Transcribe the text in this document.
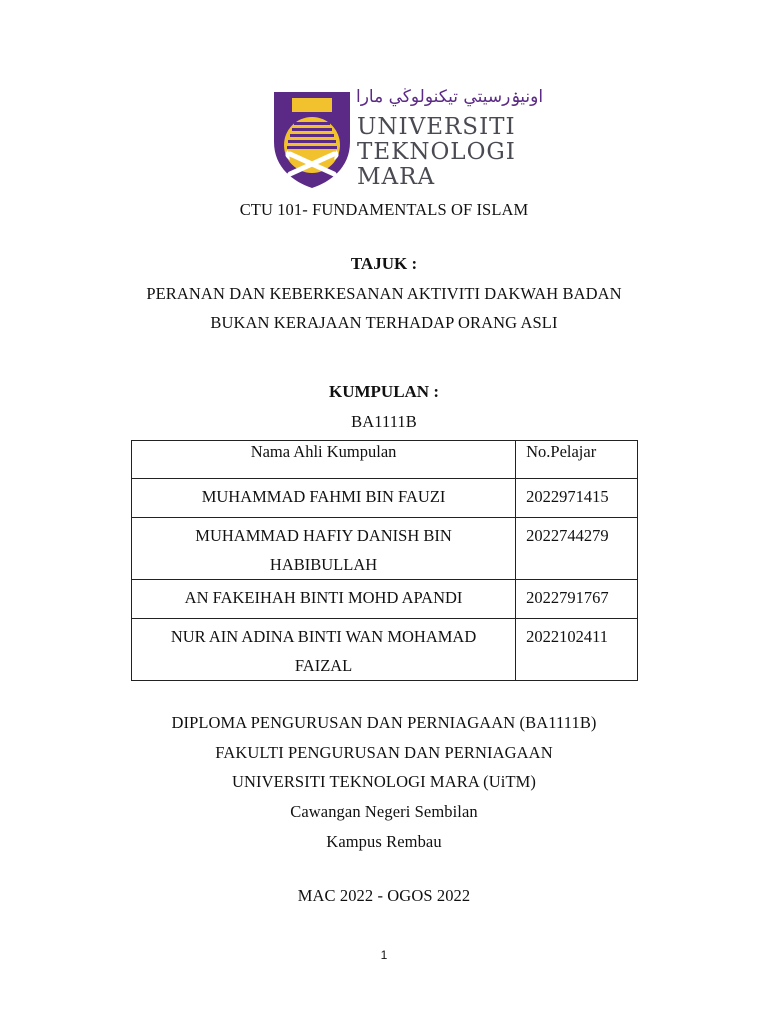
اونيۏرسيتي تيكنولوڬي مارا
UNIVERSITI
TEKNOLOGI
MARA
CTU 101- FUNDAMENTALS OF ISLAM
TAJUK :
PERANAN DAN KEBERKESANAN AKTIVITI DAKWAH BADAN
BUKAN KERAJAAN TERHADAP ORANG ASLI
KUMPULAN :
BA1111B
Nama Ahli Kumpulan	No.Pelajar

MUHAMMAD FAHMI BIN FAUZI	2022971415

MUHAMMAD HAFIY DANISH BIN
HABIBULLAH	2022744279

AN FAKEIHAH BINTI MOHD APANDI	2022791767

NUR AIN ADINA BINTI WAN MOHAMAD
FAIZAL	2022102411
DIPLOMA PENGURUSAN DAN PERNIAGAAN (BA1111B)
FAKULTI PENGURUSAN DAN PERNIAGAAN
UNIVERSITI TEKNOLOGI MARA (UiTM)
Cawangan Negeri Sembilan
Kampus Rembau
MAC 2022 - OGOS 2022
1
